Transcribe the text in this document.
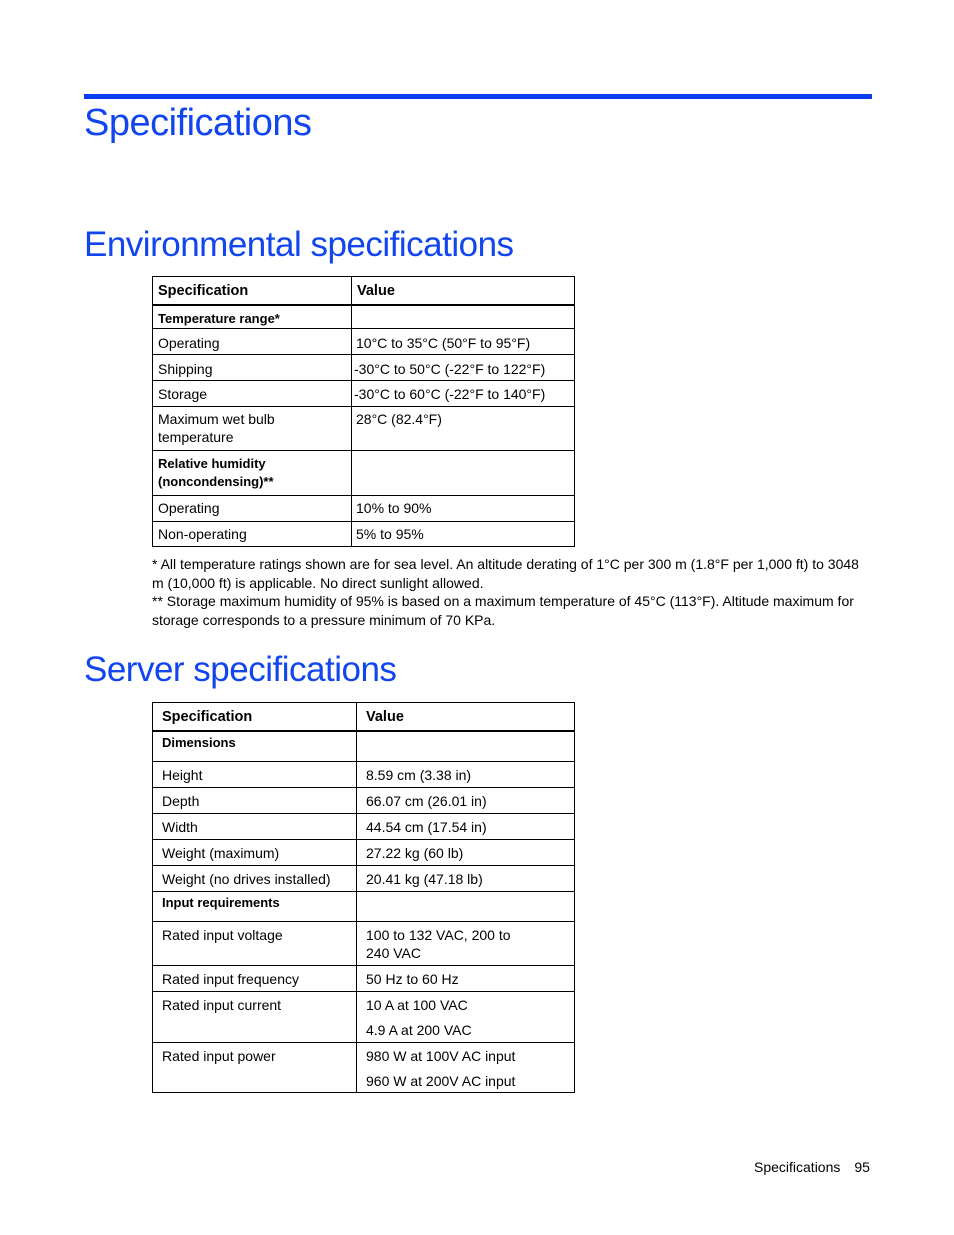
Specifications
Environmental specifications
Specification	Value
Temperature range*	
Operating	10°C to 35°C (50°F to 95°F)
Shipping	-30°C to 50°C (-22°F to 122°F)
Storage	-30°C to 60°C (-22°F to 140°F)
Maximum wet bulb temperature	28°C (82.4°F)
Relative humidity (noncondensing)**	
Operating	10% to 90%
Non-operating	5% to 95%

* All temperature ratings shown are for sea level. An altitude derating of 1°C per 300 m (1.8°F per 1,000 ft) to 3048 m (10,000 ft) is applicable. No direct sunlight allowed.

** Storage maximum humidity of 95% is based on a maximum temperature of 45°C (113°F). Altitude maximum for storage corresponds to a pressure minimum of 70 KPa.

Server specifications
Specification	Value
Dimensions	
Height	8.59 cm (3.38 in)
Depth	66.07 cm (26.01 in)
Width	44.54 cm (17.54 in)
Weight (maximum)	27.22 kg (60 lb)
Weight (no drives installed)	20.41 kg (47.18 lb)
Input requirements	
Rated input voltage	100 to 132 VAC, 200 to 240 VAC
Rated input frequency	50 Hz to 60 Hz
Rated input current	10 A at 100 VAC
4.9 A at 200 VAC

Rated input power	980 W at 100V AC input
960 W at 200V AC input
Specifications 95
